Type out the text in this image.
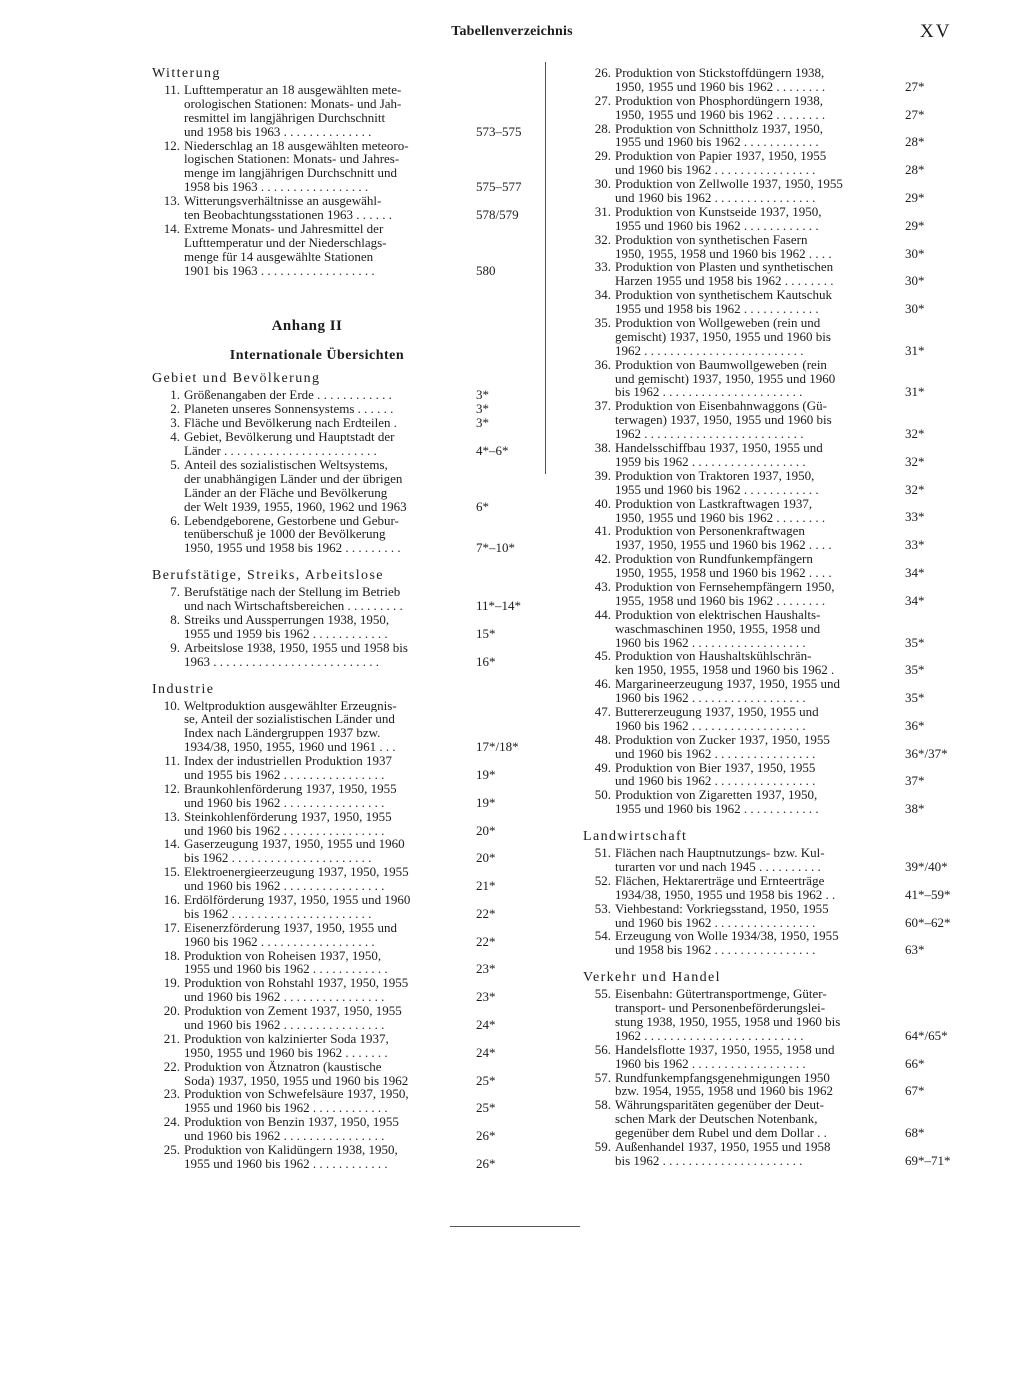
Tabellenverzeichnis	XV
Witterung
11. Lufttemperatur an 18 ausgewählten mete-
orologischen Stationen: Monats- und Jah-
resmittel im langjährigen Durchschnitt
und 1958 bis 1963 . . . . . . . . . . . . . .	573–575
12. Niederschlag an 18 ausgewählten meteoro-
logischen Stationen: Monats- und Jahres-
menge im langjährigen Durchschnitt und
1958 bis 1963 . . . . . . . . . . . . . . . . .	575–577
13. Witterungsverhältnisse an ausgewähl-
ten Beobachtungsstationen 1963 . . . . . .	578/579
14. Extreme Monats- und Jahresmittel der
Lufttemperatur und der Niederschlags-
menge für 14 ausgewählte Stationen
1901 bis 1963 . . . . . . . . . . . . . . . . . .	580
Anhang II
Internationale Übersichten
Gebiet und Bevölkerung
1. Größenangaben der Erde . . . . . . . . . . . .	3*
2. Planeten unseres Sonnensystems . . . . . .	3*
3. Fläche und Bevölkerung nach Erdteilen .	3*
4. Gebiet, Bevölkerung und Hauptstadt der
Länder . . . . . . . . . . . . . . . . . . . . . . . .	4*–6*
5. Anteil des sozialistischen Weltsystems,
der unabhängigen Länder und der übrigen
Länder an der Fläche und Bevölkerung
der Welt 1939, 1955, 1960, 1962 und 1963	6*
6. Lebendgeborene, Gestorbene und Gebur-
tenüberschuß je 1000 der Bevölkerung
1950, 1955 und 1958 bis 1962 . . . . . . . . .	7*–10*
Berufstätige, Streiks, Arbeitslose
7. Berufstätige nach der Stellung im Betrieb
und nach Wirtschaftsbereichen . . . . . . . . .	11*–14*
8. Streiks und Aussperrungen 1938, 1950,
1955 und 1959 bis 1962 . . . . . . . . . . . .	15*
9. Arbeitslose 1938, 1950, 1955 und 1958 bis
1963 . . . . . . . . . . . . . . . . . . . . . . . . . .	16*
Industrie
10. Weltproduktion ausgewählter Erzeugnis-
se, Anteil der sozialistischen Länder und
Index nach Ländergruppen 1937 bzw.
1934/38, 1950, 1955, 1960 und 1961 . . .	17*/18*
11. Index der industriellen Produktion 1937
und 1955 bis 1962 . . . . . . . . . . . . . . . .	19*
12. Braunkohlenförderung 1937, 1950, 1955
und 1960 bis 1962 . . . . . . . . . . . . . . . .	19*
13. Steinkohlenförderung 1937, 1950, 1955
und 1960 bis 1962 . . . . . . . . . . . . . . . .	20*
14. Gaserzeugung 1937, 1950, 1955 und 1960
bis 1962 . . . . . . . . . . . . . . . . . . . . . .	20*
15. Elektroenergieerzeugung 1937, 1950, 1955
und 1960 bis 1962 . . . . . . . . . . . . . . . .	21*
16. Erdölförderung 1937, 1950, 1955 und 1960
bis 1962 . . . . . . . . . . . . . . . . . . . . . .	22*
17. Eisenerzförderung 1937, 1950, 1955 und
1960 bis 1962 . . . . . . . . . . . . . . . . . .	22*
18. Produktion von Roheisen 1937, 1950,
1955 und 1960 bis 1962 . . . . . . . . . . . .	23*
19. Produktion von Rohstahl 1937, 1950, 1955
und 1960 bis 1962 . . . . . . . . . . . . . . . .	23*
20. Produktion von Zement 1937, 1950, 1955
und 1960 bis 1962 . . . . . . . . . . . . . . . .	24*
21. Produktion von kalzinierter Soda 1937,
1950, 1955 und 1960 bis 1962 . . . . . . .	24*
22. Produktion von Ätznatron (kaustische
Soda) 1937, 1950, 1955 und 1960 bis 1962	25*
23. Produktion von Schwefelsäure 1937, 1950,
1955 und 1960 bis 1962 . . . . . . . . . . . .	25*
24. Produktion von Benzin 1937, 1950, 1955
und 1960 bis 1962 . . . . . . . . . . . . . . . .	26*
25. Produktion von Kalidüngern 1938, 1950,
1955 und 1960 bis 1962 . . . . . . . . . . . .	26*
26. Produktion von Stickstoffdüngern 1938,
1950, 1955 und 1960 bis 1962 . . . . . . . .	27*
27. Produktion von Phosphordüngern 1938,
1950, 1955 und 1960 bis 1962 . . . . . . . .	27*
28. Produktion von Schnittholz 1937, 1950,
1955 und 1960 bis 1962 . . . . . . . . . . . .	28*
29. Produktion von Papier 1937, 1950, 1955
und 1960 bis 1962 . . . . . . . . . . . . . . . .	28*
30. Produktion von Zellwolle 1937, 1950, 1955
und 1960 bis 1962 . . . . . . . . . . . . . . . .	29*
31. Produktion von Kunstseide 1937, 1950,
1955 und 1960 bis 1962 . . . . . . . . . . . .	29*
32. Produktion von synthetischen Fasern
1950, 1955, 1958 und 1960 bis 1962 . . . .	30*
33. Produktion von Plasten und synthetischen
Harzen 1955 und 1958 bis 1962 . . . . . . . .	30*
34. Produktion von synthetischem Kautschuk
1955 und 1958 bis 1962 . . . . . . . . . . . .	30*
35. Produktion von Wollgeweben (rein und
gemischt) 1937, 1950, 1955 und 1960 bis
1962 . . . . . . . . . . . . . . . . . . . . . . . . .	31*
36. Produktion von Baumwollgeweben (rein
und gemischt) 1937, 1950, 1955 und 1960
bis 1962 . . . . . . . . . . . . . . . . . . . . . .	31*
37. Produktion von Eisenbahnwaggons (Gü-
terwagen) 1937, 1950, 1955 und 1960 bis
1962 . . . . . . . . . . . . . . . . . . . . . . . . .	32*
38. Handelsschiffbau 1937, 1950, 1955 und
1959 bis 1962 . . . . . . . . . . . . . . . . . .	32*
39. Produktion von Traktoren 1937, 1950,
1955 und 1960 bis 1962 . . . . . . . . . . . .	32*
40. Produktion von Lastkraftwagen 1937,
1950, 1955 und 1960 bis 1962 . . . . . . . .	33*
41. Produktion von Personenkraftwagen
1937, 1950, 1955 und 1960 bis 1962 . . . .	33*
42. Produktion von Rundfunkempfängern
1950, 1955, 1958 und 1960 bis 1962 . . . .	34*
43. Produktion von Fernsehempfängern 1950,
1955, 1958 und 1960 bis 1962 . . . . . . . .	34*
44. Produktion von elektrischen Haushalts-
waschmaschinen 1950, 1955, 1958 und
1960 bis 1962 . . . . . . . . . . . . . . . . . .	35*
45. Produktion von Haushaltskühlschrän-
ken 1950, 1955, 1958 und 1960 bis 1962 .	35*
46. Margarineerzeugung 1937, 1950, 1955 und
1960 bis 1962 . . . . . . . . . . . . . . . . . .	35*
47. Buttererzeugung 1937, 1950, 1955 und
1960 bis 1962 . . . . . . . . . . . . . . . . . .	36*
48. Produktion von Zucker 1937, 1950, 1955
und 1960 bis 1962 . . . . . . . . . . . . . . . .	36*/37*
49. Produktion von Bier 1937, 1950, 1955
und 1960 bis 1962 . . . . . . . . . . . . . . . .	37*
50. Produktion von Zigaretten 1937, 1950,
1955 und 1960 bis 1962 . . . . . . . . . . . .	38*
Landwirtschaft
51. Flächen nach Hauptnutzungs- bzw. Kul-
turarten vor und nach 1945 . . . . . . . . . .	39*/40*
52. Flächen, Hektarerträge und Ernteerträge
1934/38, 1950, 1955 und 1958 bis 1962 . .	41*–59*
53. Viehbestand: Vorkriegsstand, 1950, 1955
und 1960 bis 1962 . . . . . . . . . . . . . . . .	60*–62*
54. Erzeugung von Wolle 1934/38, 1950, 1955
und 1958 bis 1962 . . . . . . . . . . . . . . . .	63*
Verkehr und Handel
55. Eisenbahn: Gütertransportmenge, Güter-
transport- und Personenbeförderungslei-
stung 1938, 1950, 1955, 1958 und 1960 bis
1962 . . . . . . . . . . . . . . . . . . . . . . . . .	64*/65*
56. Handelsflotte 1937, 1950, 1955, 1958 und
1960 bis 1962 . . . . . . . . . . . . . . . . . .	66*
57. Rundfunkempfangsgenehmigungen 1950
bzw. 1954, 1955, 1958 und 1960 bis 1962	67*
58. Währungsparitäten gegenüber der Deut-
schen Mark der Deutschen Notenbank,
gegenüber dem Rubel und dem Dollar . .	68*
59. Außenhandel 1937, 1950, 1955 und 1958
bis 1962 . . . . . . . . . . . . . . . . . . . . . .	69*–71*
